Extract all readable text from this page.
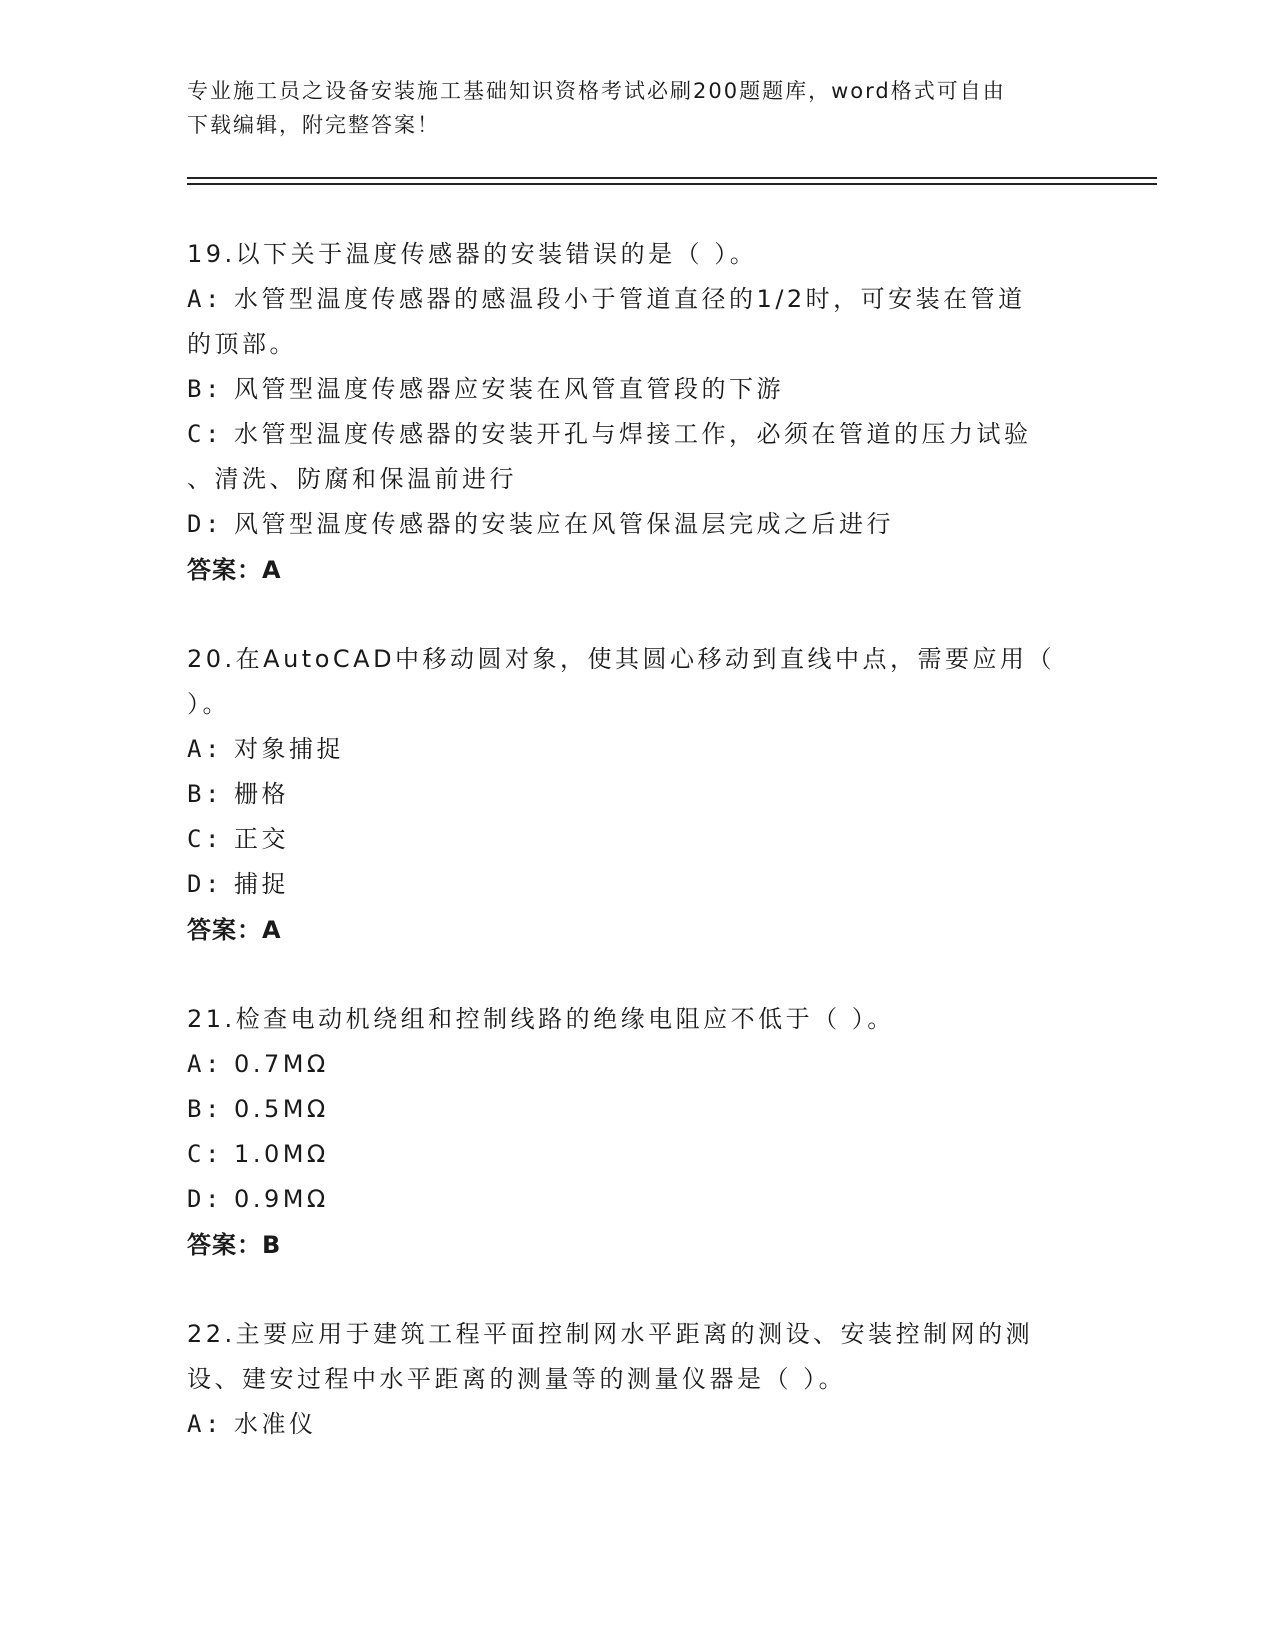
专业施工员之设备安装施工基础知识资格考试必刷200题题库，word格式可自由
下载编辑，附完整答案！
19.以下关于温度传感器的安装错误的是（ ）。
A: 水管型温度传感器的感温段小于管道直径的1/2时，可安装在管道
的顶部。
B: 风管型温度传感器应安装在风管直管段的下游
C: 水管型温度传感器的安装开孔与焊接工作，必须在管道的压力试验
、清洗、防腐和保温前进行
D: 风管型温度传感器的安装应在风管保温层完成之后进行
答案：A
20.在AutoCAD中移动圆对象，使其圆心移动到直线中点，需要应用（
）。
A: 对象捕捉
B: 栅格
C: 正交
D: 捕捉
答案：A
21.检查电动机绕组和控制线路的绝缘电阻应不低于（ ）。
A: 0.7MΩ
B: 0.5MΩ
C: 1.0MΩ
D: 0.9MΩ
答案：B
22.主要应用于建筑工程平面控制网水平距离的测设、安装控制网的测
设、建安过程中水平距离的测量等的测量仪器是（ ）。
A: 水准仪
